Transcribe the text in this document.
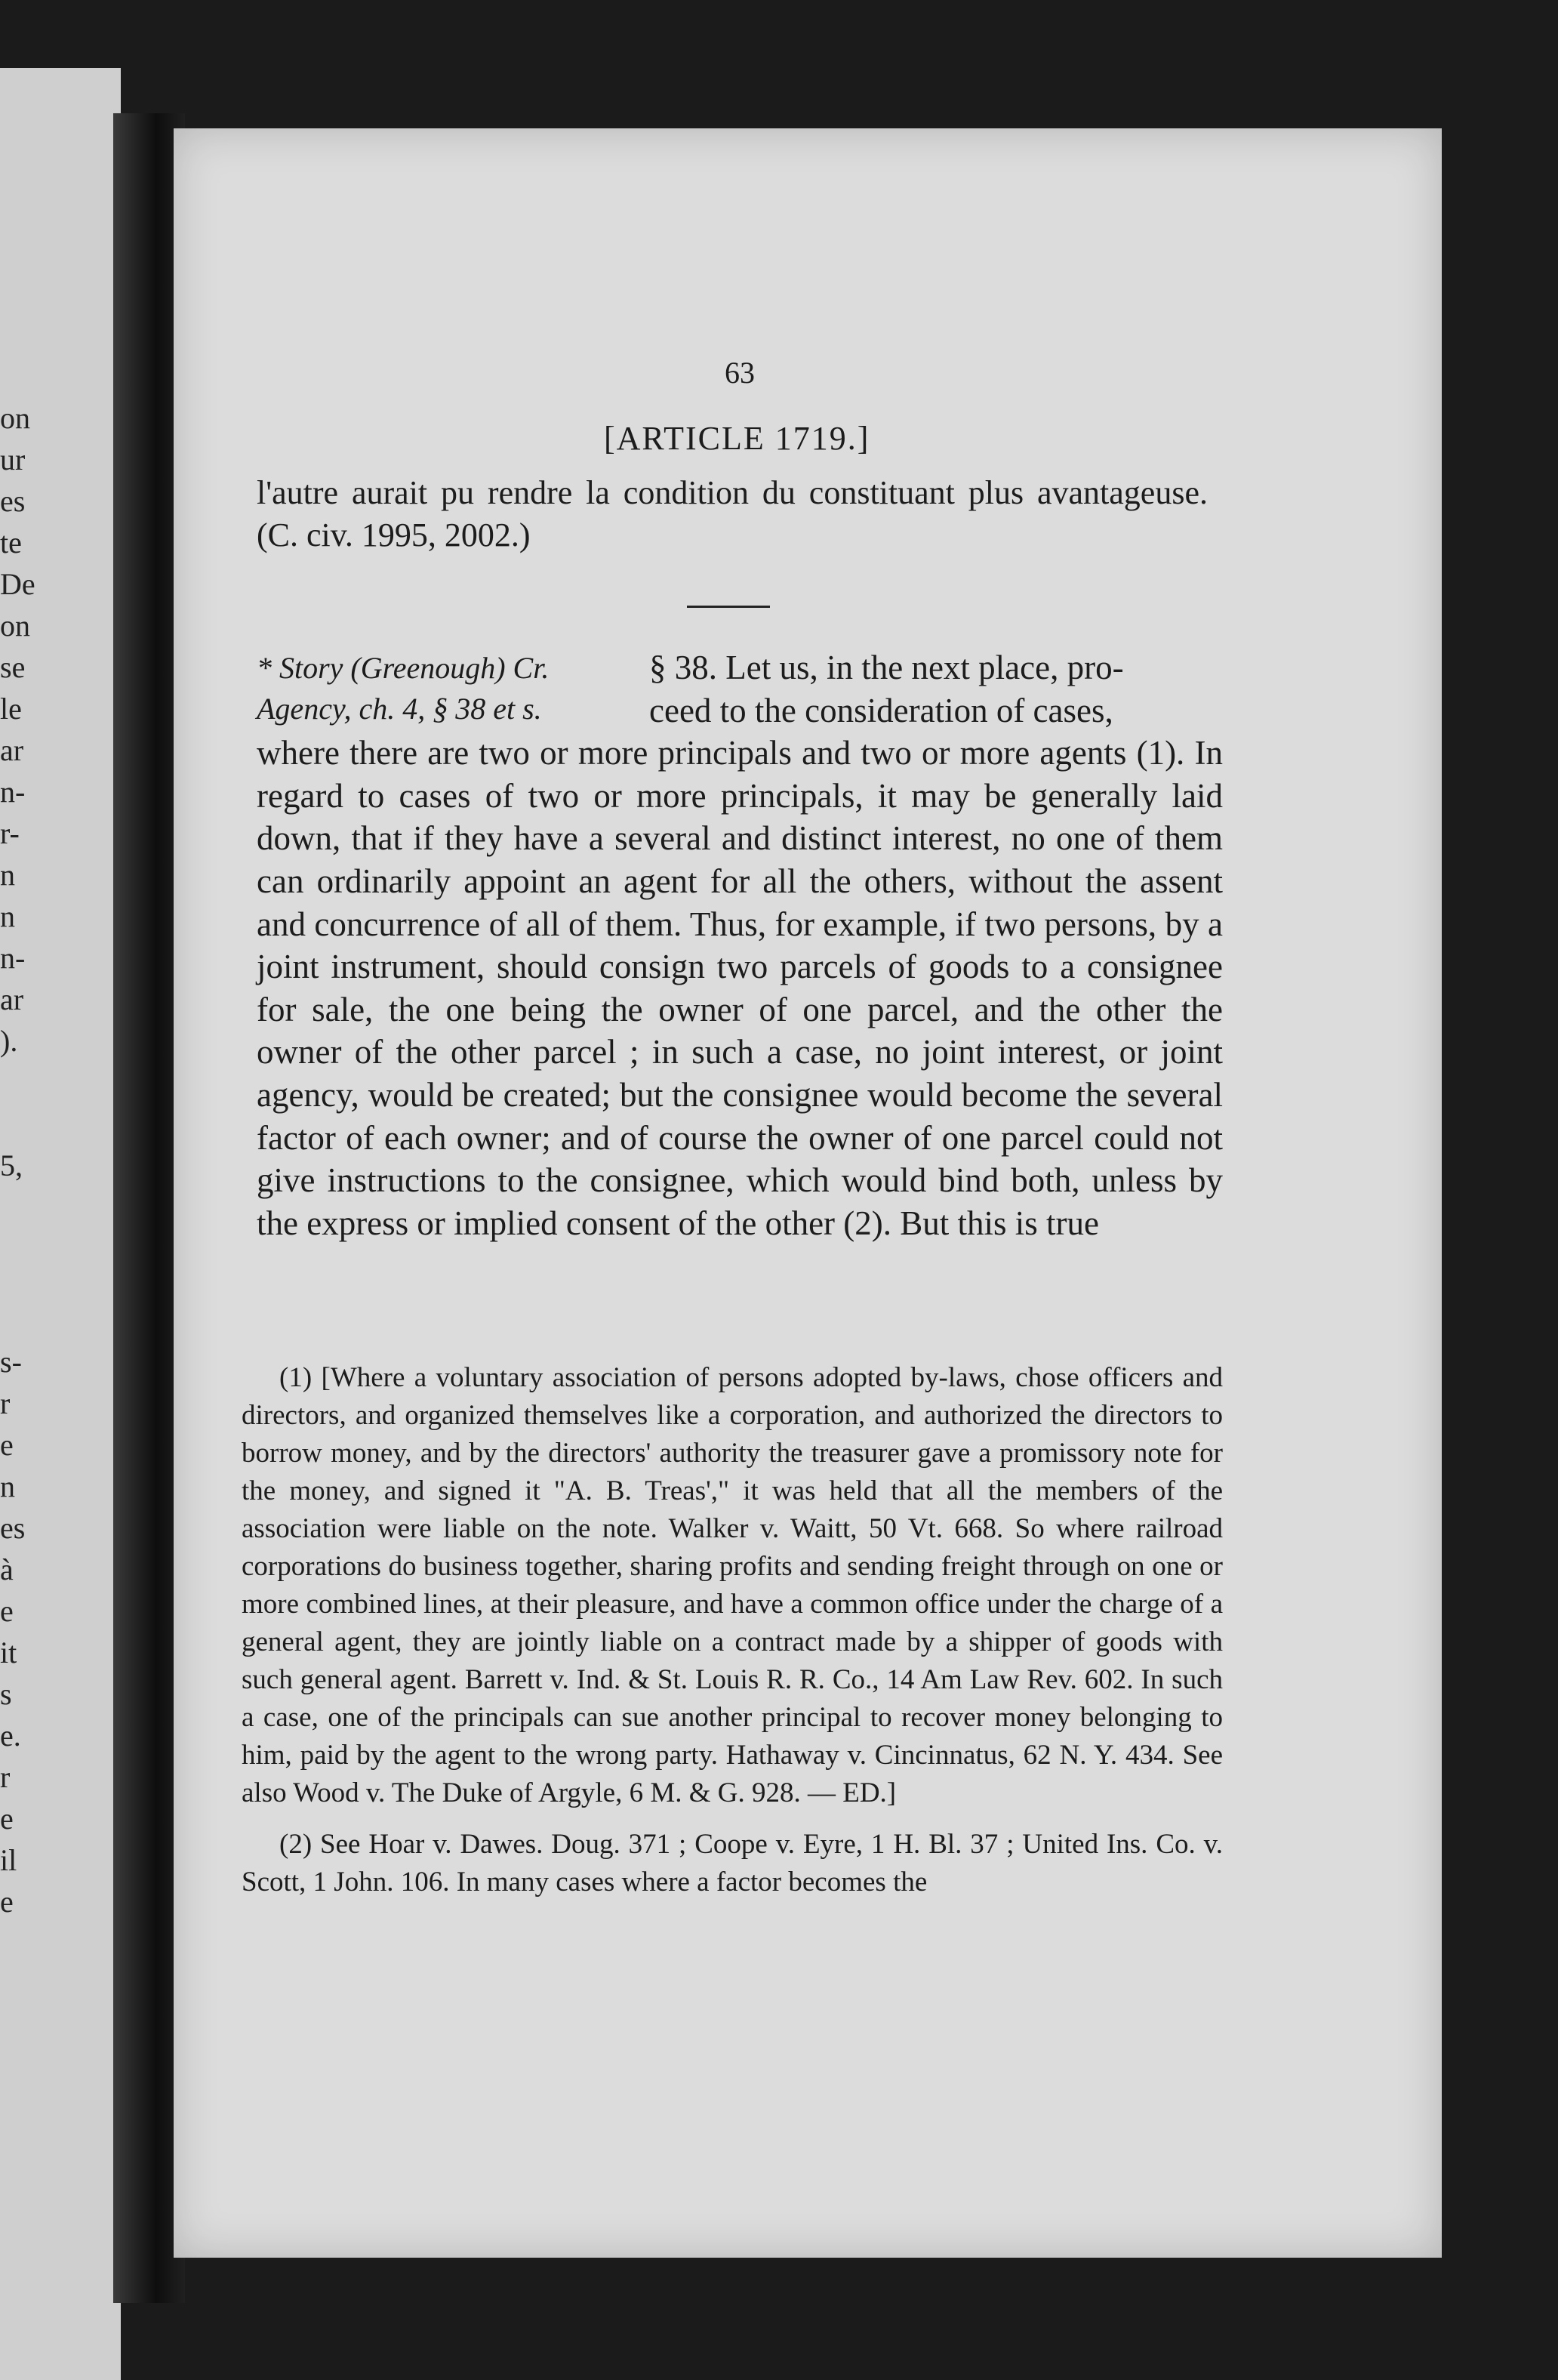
on
ur
es
te
De
on
se
le
ar
n-
r-
n
n
n-
ar
).
5,
s-
r
e
n
es
à
e
it
s
e.
r
e
il
e
63
[ARTICLE 1719.]
l'autre aurait pu rendre la condition du constituant plus avantageuse. (C. civ. 1995, 2002.)
* Story (Greenough) Cr. Agency, ch. 4, § 38 et s.
§ 38. Let us, in the next place, pro-
ceed to the consideration of cases,
where there are two or more principals and two or more agents (1). In regard to cases of two or more principals, it may be generally laid down, that if they have a several and distinct interest, no one of them can ordinarily appoint an agent for all the others, without the assent and concurrence of all of them. Thus, for example, if two persons, by a joint instrument, should consign two parcels of goods to a consignee for sale, the one being the owner of one parcel, and the other the owner of the other parcel ; in such a case, no joint interest, or joint agency, would be created; but the consignee would become the several factor of each owner; and of course the owner of one parcel could not give instructions to the consignee, which would bind both, unless by the express or implied consent of the other (2). But this is true

(1) [Where a voluntary association of persons adopted by-laws, chose officers and directors, and organized themselves like a corporation, and authorized the directors to borrow money, and by the directors' authority the treasurer gave a promissory note for the money, and signed it "A. B. Treas'," it was held that all the members of the association were liable on the note. Walker v. Waitt, 50 Vt. 668. So where railroad corporations do business together, sharing profits and sending freight through on one or more combined lines, at their pleasure, and have a common office under the charge of a general agent, they are jointly liable on a contract made by a shipper of goods with such general agent. Barrett v. Ind. & St. Louis R. R. Co., 14 Am Law Rev. 602. In such a case, one of the principals can sue another principal to recover money belonging to him, paid by the agent to the wrong party. Hathaway v. Cincinnatus, 62 N. Y. 434. See also Wood v. The Duke of Argyle, 6 M. & G. 928. — ED.]

(2) See Hoar v. Dawes. Doug. 371 ; Coope v. Eyre, 1 H. Bl. 37 ; United Ins. Co. v. Scott, 1 John. 106. In many cases where a factor becomes the
